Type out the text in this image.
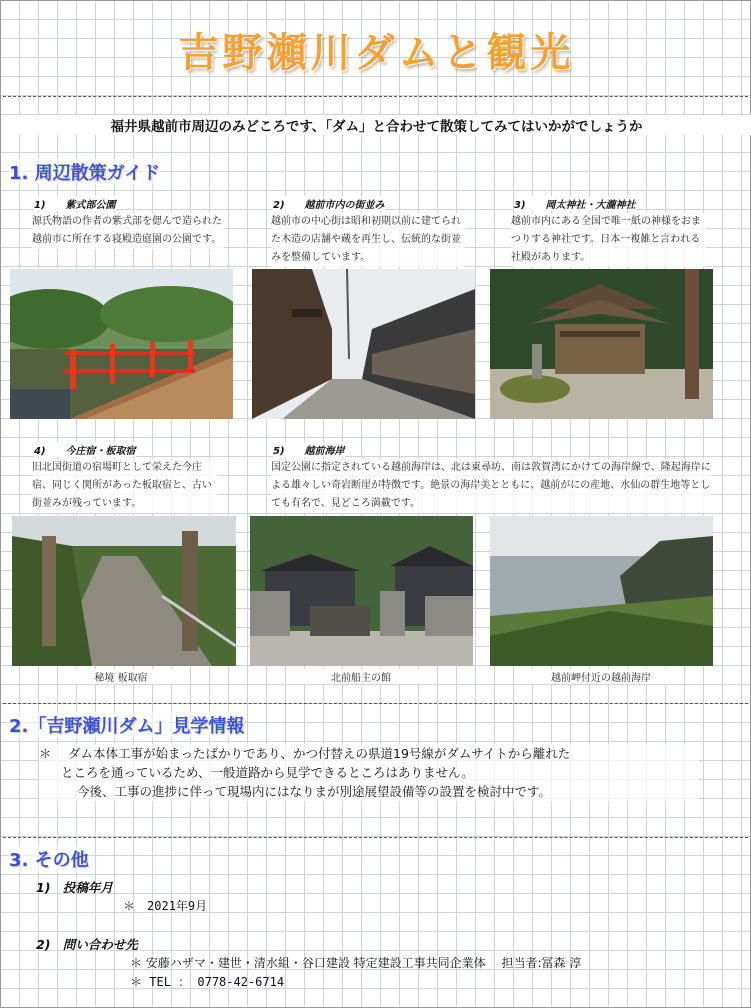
吉野瀬川ダムと観光
福井県越前市周辺のみどころです、「ダム」と合わせて散策してみてはいかがでしょうか
1. 周辺散策ガイド
1)　　 紫式部公園	2)　　 越前市内の街並み	3)　　 岡太神社・大瀧神社
源氏物語の作者の紫式部を偲んで造られた越前市に所在する寝殿造庭園の公園です。
越前市の中心街は昭和初期以前に建てられた木造の店舗や蔵を再生し、伝統的な街並みを整備しています。
越前市内にある全国で唯一紙の神様をおまつりする神社です。日本一複雑と言われる社殿があります。
4)　　 今庄宿・板取宿	5)　　 越前海岸
旧北国街道の宿場町として栄えた今庄宿、同じく関所があった板取宿と、古い街並みが残っています。
国定公園に指定されている越前海岸は、北は東尋坊、南は敦賀湾にかけての海岸線で、隆起海岸による雄々しい奇岩断崖が特徴です。絶景の海岸美とともに、越前がにの産地、水仙の群生地等としても有名で、見どころ満載です。
秘境 板取宿	北前船主の館	越前岬付近の越前海岸
2.「吉野瀬川ダム」見学情報
＊　 ダム本体工事が始まったばかりであり、かつ付替えの県道19号線がダムサイトから離れた
ところを通っているため、一般道路から見学できるところはありません。
今後、工事の進捗に伴って現場内にはなりまが別途展望設備等の設置を検討中です。
3. その他
1)　投稿年月
＊　 2021年9月
2)　問い合わせ先
＊ 安藤ハザマ・建世・清水組・谷口建設 特定建設工事共同企業体　 担当者:冨森 淳
＊ TEL ： 0778-42-6714
